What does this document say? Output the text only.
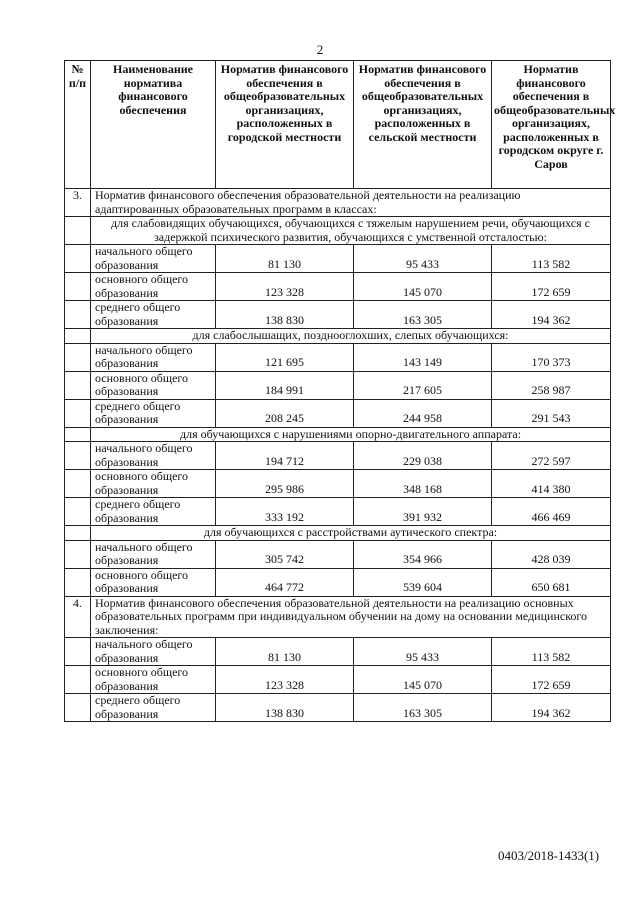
2
№ п/п	Наименование норматива финансового обеспечения	Норматив финансового обеспечения в общеобразовательных организациях, расположенных в городской местности	Норматив финансового обеспечения в общеобразовательных организациях, расположенных в сельской местности	Норматив финансового обеспечения в общеобразовательных организациях, расположенных в городском округе г. Саров
3.	Норматив финансового обеспечения образовательной деятельности на реализацию адаптированных образовательных программ в классах:			
	для слабовидящих обучающихся, обучающихся с тяжелым нарушением речи, обучающихся с задержкой психического развития, обучающихся с умственной отсталостью:			
	начального общего образования	81 130	95 433	113 582
	основного общего образования	123 328	145 070	172 659
	среднего общего образования	138 830	163 305	194 362
	для слабослышащих, позднооглохших, слепых обучающихся:			
	начального общего образования	121 695	143 149	170 373
	основного общего образования	184 991	217 605	258 987
	среднего общего образования	208 245	244 958	291 543
	для обучающихся с нарушениями опорно-двигательного аппарата:			
	начального общего образования	194 712	229 038	272 597
	основного общего образования	295 986	348 168	414 380
	среднего общего образования	333 192	391 932	466 469
	для обучающихся с расстройствами аутического спектра:			
	начального общего образования	305 742	354 966	428 039
	основного общего образования	464 772	539 604	650 681
4.	Норматив финансового обеспечения образовательной деятельности на реализацию основных образовательных программ при индивидуальном обучении на дому на основании медицинского заключения:			
	начального общего образования	81 130	95 433	113 582
	основного общего образования	123 328	145 070	172 659
	среднего общего образования	138 830	163 305	194 362
0403/2018-1433(1)
